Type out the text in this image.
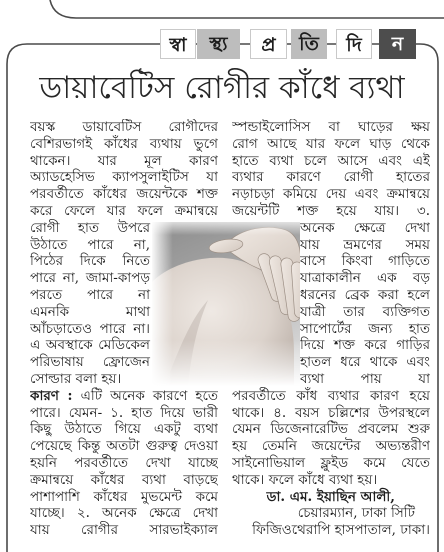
স্বা	স্থ্য	প্র	তি	দি	ন
ডায়াবেটিস রোগীর কাঁধে ব্যথা
বয়স্ক ডায়াবেটিস রোগীদের
বেশিরভাগই কাঁধের ব্যথায় ভুগে
থাকেন। যার মূল কারণ
অ্যাডহেসিভ ক্যাপসুলাইটিস যা
পরবর্তীতে কাঁধের জয়েন্টকে শক্ত
করে ফেলে যার ফলে ক্রমান্বয়ে
রোগী হাত উপরে
উঠাতে পারে না,
পিঠের দিকে নিতে
পারে না, জামা-কাপড়
পরতে পারে না
এমনকি মাথা
আঁচড়াতেও পারে না।
এ অবস্থাকে মেডিকেল
পরিভাষায় ফ্রোজেন
সোল্ডার বলা হয়।
কারণ : এটি অনেক কারণে হতে
পারে। যেমন- ১. হাত দিয়ে ভারী
কিছু উঠাতে গিয়ে একটু ব্যথা
পেয়েছে কিন্তু অতটা গুরুত্ব দেওয়া
হয়নি পরবর্তীতে দেখা যাচ্ছে
ক্রমান্বয়ে কাঁধের ব্যথা বাড়ছে
পাশাপাশি কাঁধের মুভমেন্ট কমে
যাচ্ছে। ২. অনেক ক্ষেত্রে দেখা
যায় রোগীর সারভাইক্যাল
স্পন্ডাইলোসিস বা ঘাড়ের ক্ষয়
রোগ আছে যার ফলে ঘাড় থেকে
হাতে ব্যথা চলে আসে এবং এই
ব্যথার কারণে রোগী হাতের
নড়াচড়া কমিয়ে দেয় এবং ক্রমান্বয়ে
জয়েন্টটি শক্ত হয়ে যায়। ৩.
অনেক ক্ষেত্রে দেখা
যায় ভ্রমণের সময়
বাসে কিংবা গাড়িতে
যাত্রাকালীন এক বড়
ধরনের ব্রেক করা হলে
যাত্রী তার ব্যক্তিগত
সাপোর্টের জন্য হাত
দিয়ে শক্ত করে গাড়ির
হাতল ধরে থাকে এবং
ব্যথা পায় যা
পরবর্তীতে কাঁধ ব্যথার কারণ হয়ে
থাকে। ৪. বয়স চল্লিশের উপরস্থলে
যেমন ডিজেনারেটিভ প্রবলেম শুরু
হয় তেমনি জয়েন্টের অভ্যন্তরীণ
সাইনোভিয়াল ফ্লুইড কমে যেতে
থাকে। ফলে কাঁধে ব্যথা হয়।
ডা. এম. ইয়াছিন আলী,
চেয়ারম্যান, ঢাকা সিটি
ফিজিওথেরাপি হাসপাতাল, ঢাকা।
